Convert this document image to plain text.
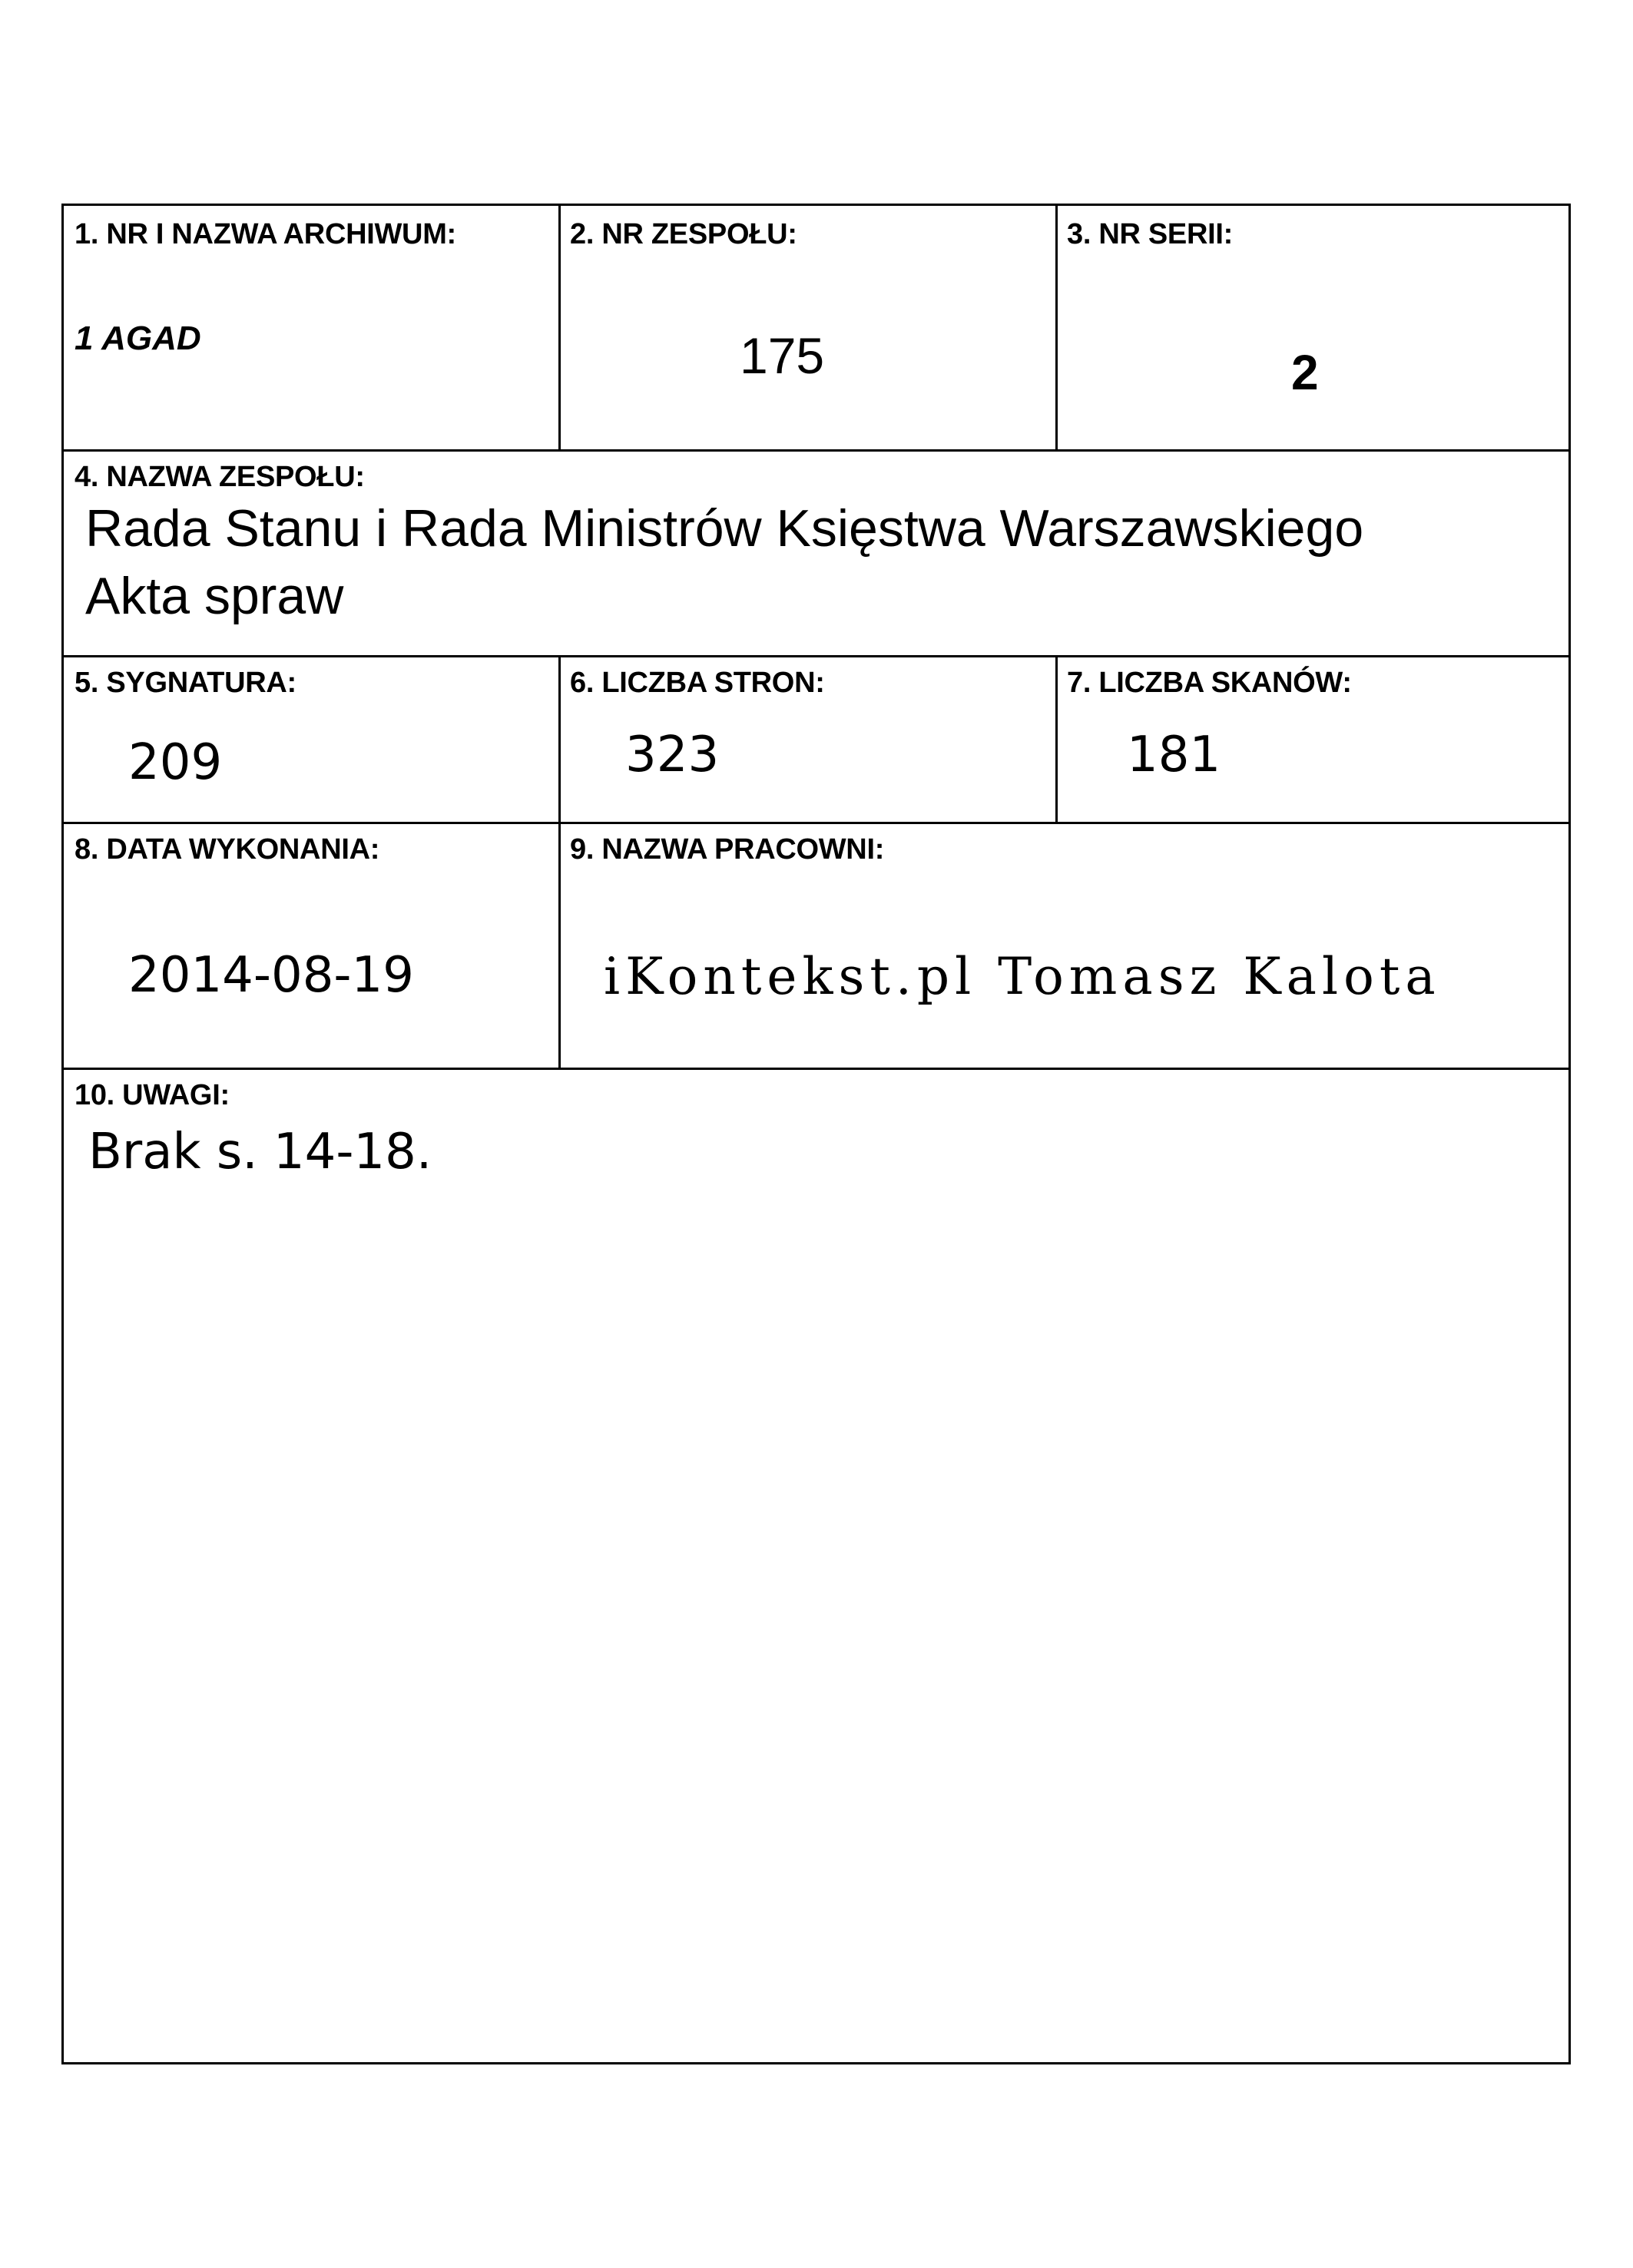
1. NR I NAZWA ARCHIWUM:
1 AGAD
2. NR ZESPOŁU:
175
3. NR SERII:
2
4. NAZWA ZESPOŁU:
Rada Stanu i Rada Ministrów Księstwa Warszawskiego
Akta spraw
5. SYGNATURA:
209
6. LICZBA STRON:
323
7. LICZBA SKANÓW:
181
8. DATA WYKONANIA:
2014-08-19
9. NAZWA PRACOWNI:
iKontekst.pl Tomasz Kalota
10. UWAGI:
Brak s. 14-18.
